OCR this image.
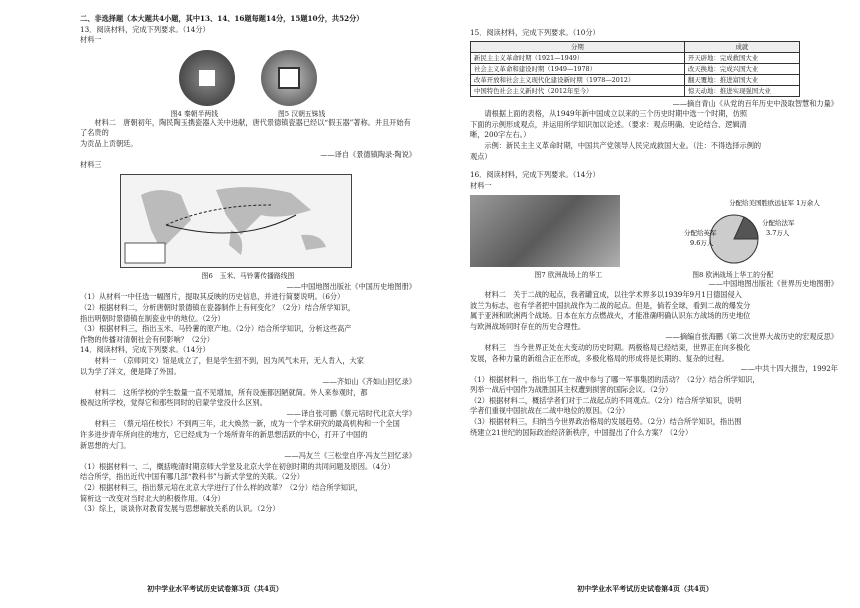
二、非选择题（本大题共4小题，其中13、14、16题每题14分，15题10分，共52分）

13．阅读材料，完成下列要求。（14分）

材料一

图4 秦朝半两钱	图5 汉朝五铢钱

材料二　唐朝初年，陶民陶玉携瓷器入关中进献，唐代景德镇瓷器已经以“假玉器”著称。并且开始有了名贵的

为贡品上贡朝廷。

——译自《景德镇陶录·陶说》

材料三

图6　玉米、马铃薯传播路线图

——中国地图出版社《中国历史地图册》

（1）从材料一中任选一幅图片，提取其反映的历史信息，并进行简要说明。（6分）

（2）根据材料二，分析唐朝时景德镇在瓷器制作上有何变化？（2分）结合所学知识，

指出明朝时景德镇在制瓷业中的地位。（2分）

（3）根据材料三，指出玉米、马铃薯的原产地。（2分）结合所学知识，分析这些高产

作物的传播对清朝社会有何影响？（2分）

14．阅读材料，完成下列要求。（14分）

材料一　（京师同文）馆是成立了，但是学生招不到，因为风气未开，无人肯入，大家

以为学了洋文，便是降了外国。

——齐如山《齐如山回忆录》

材料二　这所学校的学生数量一直不见增加，所有设施都因陋就简。外人来参观时，都

极视这所学校，觉得它和那些同时的启蒙学堂没什么区别。

——译自张可鹏《蔡元培时代北京大学》

材料三　（蔡元培任校长）不到两三年，北大焕然一新，成为一个学术研究的最高机构和一个全国

许多进步青年所向往的地方，它已经成为一个场所青年的新思想活跃的中心，打开了中国的

新思想的大门。

——冯友兰《三松堂自序·冯友兰回忆录》

（1）根据材料一、二，概括晚清时期京师大学堂及北京大学在初创时期的共同问题及原因。（4分）

结合所学，指出近代中国有哪几部“教科书”与新式学堂的关联。（2分）

（2）根据材料三，指出蔡元培在北京大学进行了什么样的改革？（2分）结合所学知识，

简析这一改变对当时北大的积极作用。（4分）

（3）综上，谈谈你对教育发展与思想解放关系的认识。（2分）

初中学业水平考试历史试卷第3页（共4页）

15．阅读材料，完成下列要求。（10分）

分期	成就
新民主主义革命时期（1921—1949）	开天辟地：完成救国大业
社会主义革命和建设时期（1949—1978）	改天换地：完成兴国大业
改革开放和社会主义现代化建设新时期（1978—2012）	翻天覆地：推进富国大业
中国特色社会主义新时代（2012年至今）	惊天动地：推进实现强国大业

——摘自青山《从党的百年历史中汲取智慧和力量》

请根据上面的表格，从1949年新中国成立以来的三个历史时期中选一个时期，仿照

下面的示例形成观点，并运用所学知识加以论述。（要求：观点明确、史论结合、逻辑清

晰，200字左右。）

示例：新民主主义革命时期，中国共产党领导人民完成救国大业。（注：不得选择示例的

观点）

16．阅读材料，完成下列要求。（14分）

材料一

分配给美国胜欧远征军 1万余人
分配给英军
9.6万人
分配给法军
3.7万人
图7 欧洲战场上的华工	图8 欧洲战场上华工的分配

——中国地图出版社《世界历史地图册》

材料二　关于二战的起点，我者罐宜成，以往学术界多以1939年9月1日德国侵入

波兰为标志，也有学者把中国抗战作为二战的起点。但是，倘若全球，看到二战的爆发分

属于亚洲和欧洲两个战场。日本在东方点燃战火，才能准确明确认识东方战场的历史地位

与欧洲战场同时存在的历史合理性。

——摘编自张海鹏《第二次世界大战历史的宏观反思》

材料三　当今世界正处在大变动的历史时期。两极格局已经结束，世界正在向多极化

发展，各种力量的新组合正在形成，多极化格局的形成将是长期的、复杂的过程。

——中共十四大报告，1992年

（1）根据材料一，指出华工在一战中参与了哪一军事集团的活动？（2分）结合所学知识，

列举一战后中国作为战胜国其主权遭到损害的国际会议。（2分）

（2）根据材料二，概括学者们对于二战起点的不同观点。（2分）结合所学知识，说明

学者们重视中国抗战在二战中地位的原因。（2分）

（3）根据材料三，归纳当今世界政治格局的发展趋势。（2分）结合所学知识，指出围

绕建立21世纪的国际政治经济新秩序，中国提出了什么方案？（2分）

初中学业水平考试历史试卷第4页（共4页）
